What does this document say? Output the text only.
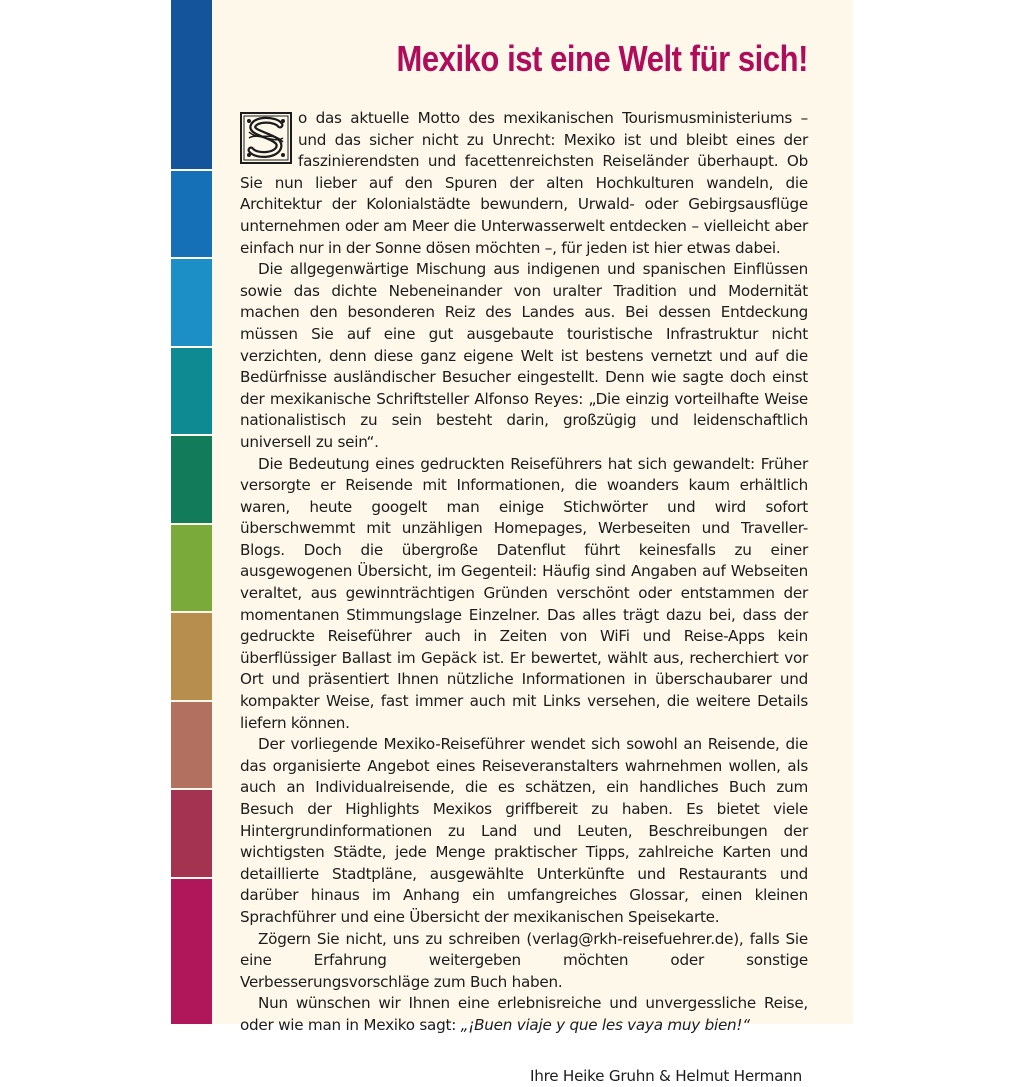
Mexiko ist eine Welt für sich!

o das aktuelle Motto des mexikanischen Tourismusministeriums – und das sicher nicht zu Unrecht: Mexiko ist und bleibt eines der faszinierendsten und facettenreichsten Reiseländer überhaupt. Ob Sie nun lieber auf den Spuren der alten Hochkulturen wandeln, die Architektur der Kolonialstädte bewundern, Urwald- oder Gebirgsausflüge unternehmen oder am Meer die Unterwasserwelt entdecken – vielleicht aber einfach nur in der Sonne dösen möchten –, für jeden ist hier etwas dabei.

Die allgegenwärtige Mischung aus indigenen und spanischen Einflüssen sowie das dichte Nebeneinander von uralter Tradition und Modernität machen den besonderen Reiz des Landes aus. Bei dessen Entdeckung müssen Sie auf eine gut ausgebaute touristische Infrastruktur nicht verzichten, denn diese ganz eigene Welt ist bestens vernetzt und auf die Bedürfnisse ausländischer Besucher eingestellt. Denn wie sagte doch einst der mexikanische Schriftsteller Alfonso Reyes: „Die einzig vorteilhafte Weise nationalistisch zu sein besteht darin, großzügig und leidenschaftlich universell zu sein“.

Die Bedeutung eines gedruckten Reiseführers hat sich gewandelt: Früher versorgte er Reisende mit Informationen, die woanders kaum erhältlich waren, heute googelt man einige Stichwörter und wird sofort überschwemmt mit unzähligen Homepages, Werbeseiten und Traveller-Blogs. Doch die übergroße Datenflut führt keinesfalls zu einer ausgewogenen Übersicht, im Gegenteil: Häufig sind Angaben auf Webseiten veraltet, aus gewinnträchtigen Gründen verschönt oder entstammen der momentanen Stimmungslage Einzelner. Das alles trägt dazu bei, dass der gedruckte Reiseführer auch in Zeiten von WiFi und Reise-Apps kein überflüssiger Ballast im Gepäck ist. Er bewertet, wählt aus, recherchiert vor Ort und präsentiert Ihnen nützliche Informationen in überschaubarer und kompakter Weise, fast immer auch mit Links versehen, die weitere Details liefern können.

Der vorliegende Mexiko-Reiseführer wendet sich sowohl an Reisende, die das organisierte Angebot eines Reiseveranstalters wahrnehmen wollen, als auch an Individualreisende, die es schätzen, ein handliches Buch zum Besuch der Highlights Mexikos griffbereit zu haben. Es bietet viele Hintergrundinformationen zu Land und Leuten, Beschreibungen der wichtigsten Städte, jede Menge praktischer Tipps, zahlreiche Karten und detaillierte Stadtpläne, ausgewählte Unterkünfte und Restaurants und darüber hinaus im Anhang ein umfangreiches Glossar, einen kleinen Sprachführer und eine Übersicht der mexikanischen Speisekarte.

Zögern Sie nicht, uns zu schreiben (verlag@rkh-reisefuehrer.de), falls Sie eine Erfahrung weitergeben möchten oder sonstige Verbesserungsvorschläge zum Buch haben.

Nun wünschen wir Ihnen eine erlebnisreiche und unvergessliche Reise, oder wie man in Mexiko sagt: „¡Buen viaje y que les vaya muy bien!“

Ihre Heike Gruhn & Helmut Hermann
